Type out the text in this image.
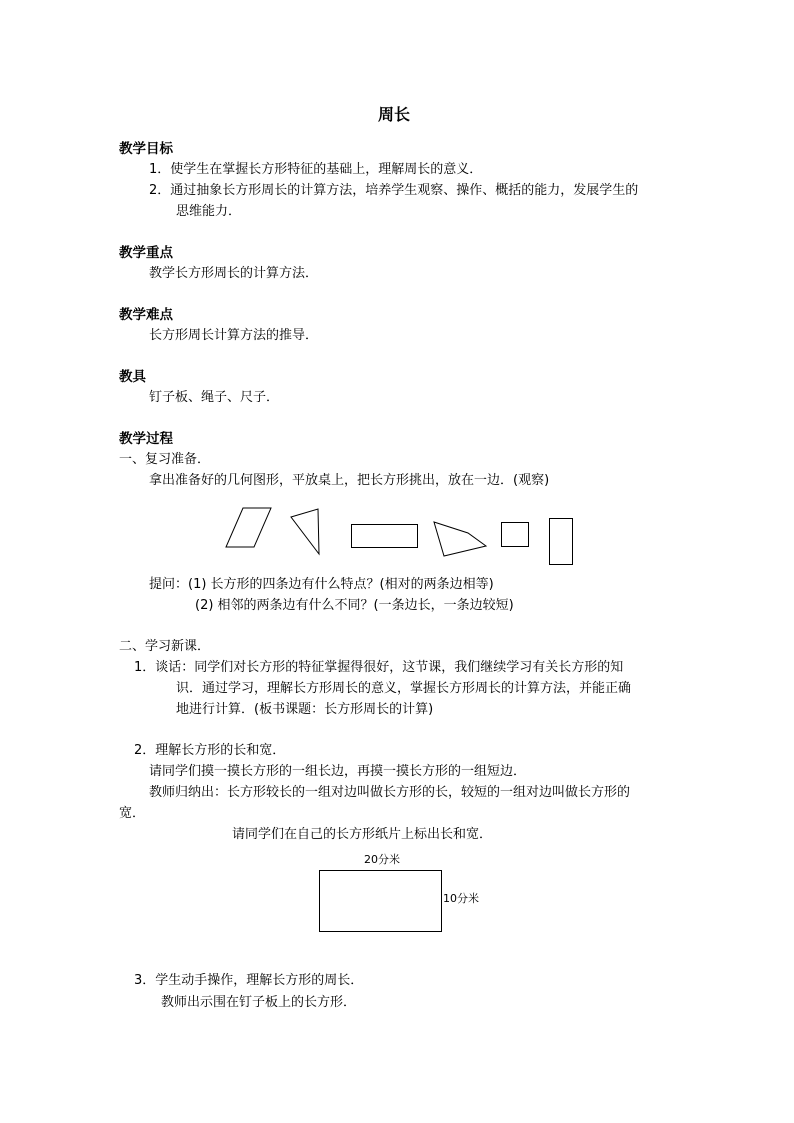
周长
教学目标
1．使学生在掌握长方形特征的基础上，理解周长的意义．
2．通过抽象长方形周长的计算方法，培养学生观察、操作、概括的能力，发展学生的
思维能力．
教学重点
教学长方形周长的计算方法．
教学难点
长方形周长计算方法的推导．
教具
钉子板、绳子、尺子．
教学过程
一、复习准备．
拿出准备好的几何图形，平放桌上，把长方形挑出，放在一边．(观察)
提问：(1) 长方形的四条边有什么特点？(相对的两条边相等)
(2) 相邻的两条边有什么不同？(一条边长，一条边较短)
二、学习新课．
1．谈话：同学们对长方形的特征掌握得很好，这节课，我们继续学习有关长方形的知
识．通过学习，理解长方形周长的意义，掌握长方形周长的计算方法，并能正确
地进行计算．(板书课题：长方形周长的计算)
2．理解长方形的长和宽．
请同学们摸一摸长方形的一组长边，再摸一摸长方形的一组短边．
教师归纳出：长方形较长的一组对边叫做长方形的长，较短的一组对边叫做长方形的
宽．
请同学们在自己的长方形纸片上标出长和宽．
20分米
10分米
3．学生动手操作，理解长方形的周长．
教师出示围在钉子板上的长方形．
